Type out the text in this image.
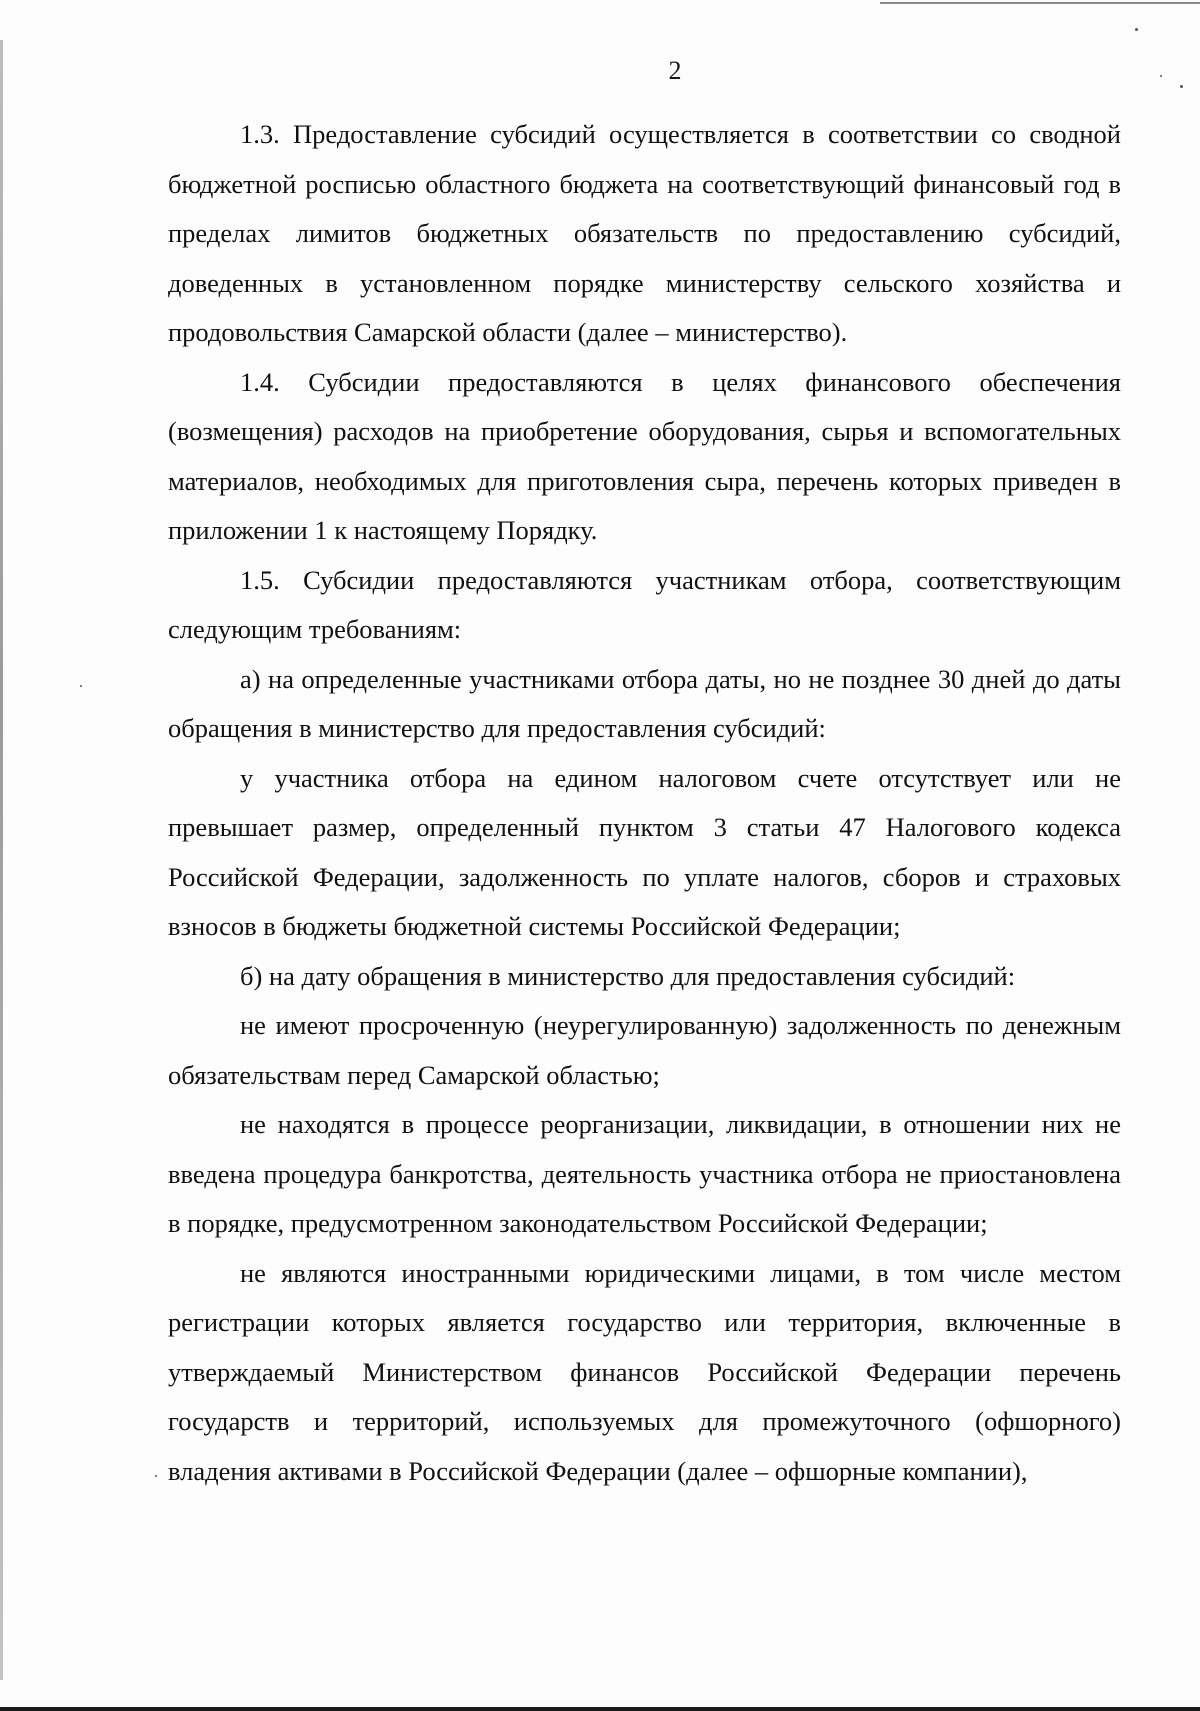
2

1.3. Предоставление субсидий осуществляется в соответствии со сводной бюджетной росписью областного бюджета на соответствующий финансовый год в пределах лимитов бюджетных обязательств по предоставлению субсидий, доведенных в установленном порядке министерству сельского хозяйства и продовольствия Самарской области (далее – министерство).

1.4. Субсидии предоставляются в целях финансового обеспечения (возмещения) расходов на приобретение оборудования, сырья и вспомогательных материалов, необходимых для приготовления сыра, перечень которых приведен в приложении 1 к настоящему Порядку.

1.5. Субсидии предоставляются участникам отбора, соответствующим следующим требованиям:

а) на определенные участниками отбора даты, но не позднее 30 дней до даты обращения в министерство для предоставления субсидий:

у участника отбора на едином налоговом счете отсутствует или не превышает размер, определенный пунктом 3 статьи 47 Налогового кодекса Российской Федерации, задолженность по уплате налогов, сборов и страховых взносов в бюджеты бюджетной системы Российской Федерации;

б) на дату обращения в министерство для предоставления субсидий:

не имеют просроченную (неурегулированную) задолженность по денежным обязательствам перед Самарской областью;

не находятся в процессе реорганизации, ликвидации, в отношении них не введена процедура банкротства, деятельность участника отбора не приостановлена в порядке, предусмотренном законодательством Российской Федерации;

не являются иностранными юридическими лицами, в том числе местом регистрации которых является государство или территория, включенные в утверждаемый Министерством финансов Российской Федерации перечень государств и территорий, используемых для промежуточного (офшорного) владения активами в Российской Федерации (далее – офшорные компании),
